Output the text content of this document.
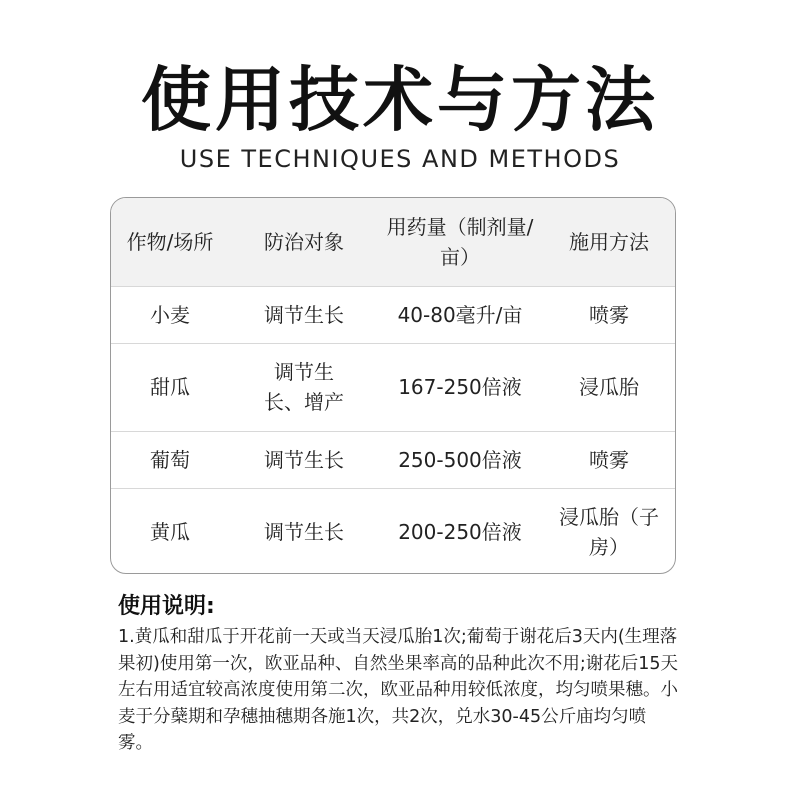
使用技术与方法
USE TECHNIQUES AND METHODS
作物/场所	防治对象	用药量（制剂量/亩）	施用方法
小麦	调节生长	40-80毫升/亩	喷雾
甜瓜	调节生长、增产	167-250倍液	浸瓜胎
葡萄	调节生长	250-500倍液	喷雾
黄瓜	调节生长	200-250倍液	浸瓜胎（子房）
使用说明:

1.黄瓜和甜瓜于开花前一天或当天浸瓜胎1次;葡萄于谢花后3天内(生理落果初)使用第一次，欧亚品种、自然坐果率高的品种此次不用;谢花后15天左右用适宜较高浓度使用第二次，欧亚品种用较低浓度，均匀喷果穗。小麦于分蘖期和孕穗抽穗期各施1次，共2次，兑水30-45公斤庙均匀喷雾。
